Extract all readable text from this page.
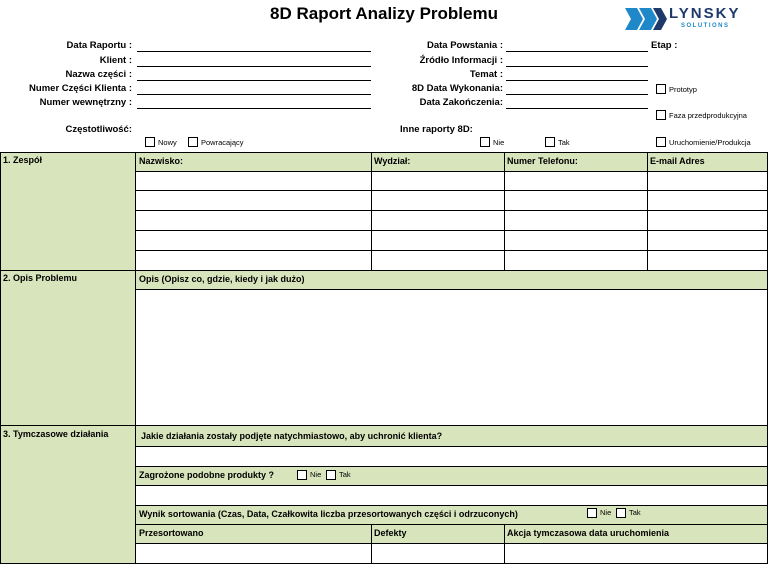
8D Raport Analizy Problemu	LYNSKY
SOLUTIONS
Data Raportu :
Klient :
Nazwa części :
Numer Części Klienta :
Numer wewnętrzny :
Data Powstania :
Źródło Informacji :
Temat :
8D Data Wykonania:
Data Zakończenia:
Etap :
Prototyp
Faza przedprodukcyjna
Uruchomienie/Produkcja
Częstotliwość:
Nowy	Powracający
Inne raporty 8D:
Nie	Tak
1. Zespół
2. Opis Problemu
3. Tymczasowe działania
Nazwisko:	Wydział:	Numer Telefonu:	E-mail Adres
Opis (Opisz co, gdzie, kiedy i jak dużo)
Jakie działania zostały podjęte natychmiastowo, aby uchronić klienta?
Zagrożone podobne produkty ?	Nie Tak
Wynik sortowania (Czas, Data, Czałkowita liczba przesortowanych części i odrzuconych)	Nie Tak
Przesortowano	Defekty	Akcja tymczasowa data uruchomienia
